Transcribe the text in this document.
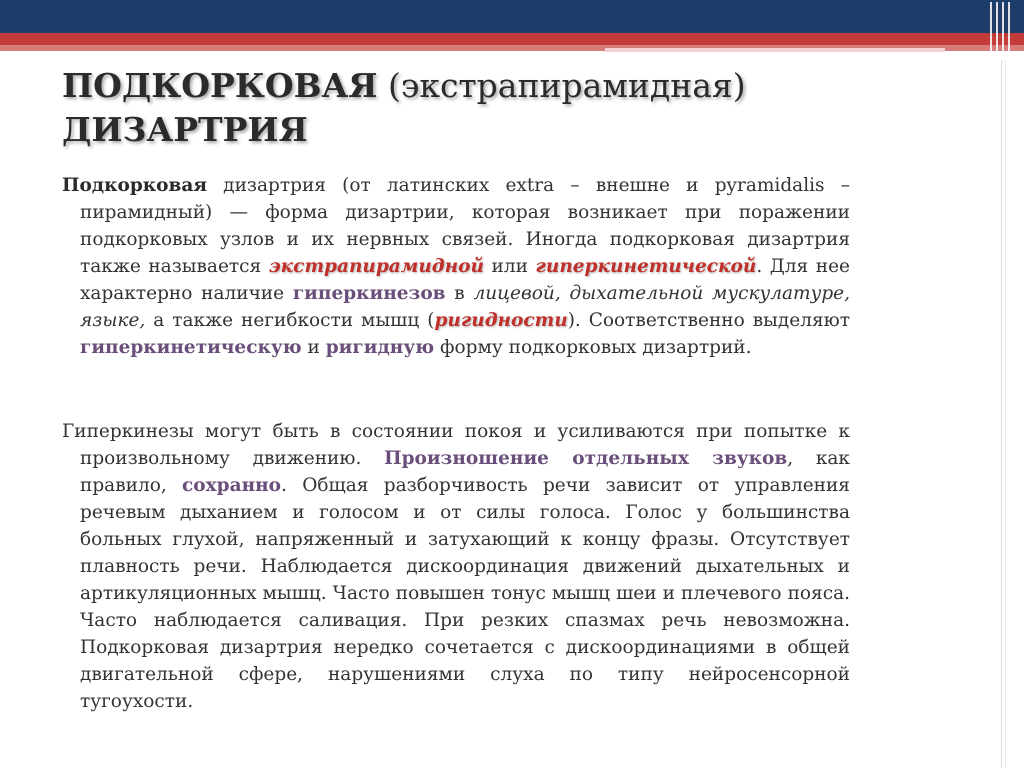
ПОДКОРКОВАЯ (экстрапирамидная)
ДИЗАРТРИЯ
Подкорковая дизартрия (от латинских extra – внешне и pyramidalis – пирамидный) — форма дизартрии, которая возникает при поражении подкорковых узлов и их нервных связей. Иногда подкорковая дизартрия также называется экстрапирамидной или гиперкинетической. Для нее характерно наличие гиперкинезов в лицевой, дыхательной мускулатуре, языке, а также негибкости мышц (ригидности). Соответственно выделяют гиперкинетическую и ригидную форму подкорковых дизартрий.
Гиперкинезы могут быть в состоянии покоя и усиливаются при попытке к произвольному движению. Произношение отдельных звуков, как правило, сохранно. Общая разборчивость речи зависит от управления речевым дыханием и голосом и от силы голоса. Голос у большинства больных глухой, напряженный и затухающий к концу фразы. Отсутствует плавность речи. Наблюдается дискоординация движений дыхательных и артикуляционных мышц. Часто повышен тонус мышц шеи и плечевого пояса. Часто наблюдается саливация. При резких спазмах речь невозможна. Подкорковая дизартрия нередко сочетается с дискоординациями в общей двигательной сфере, нарушениями слуха по типу нейросенсорной тугоухости.
